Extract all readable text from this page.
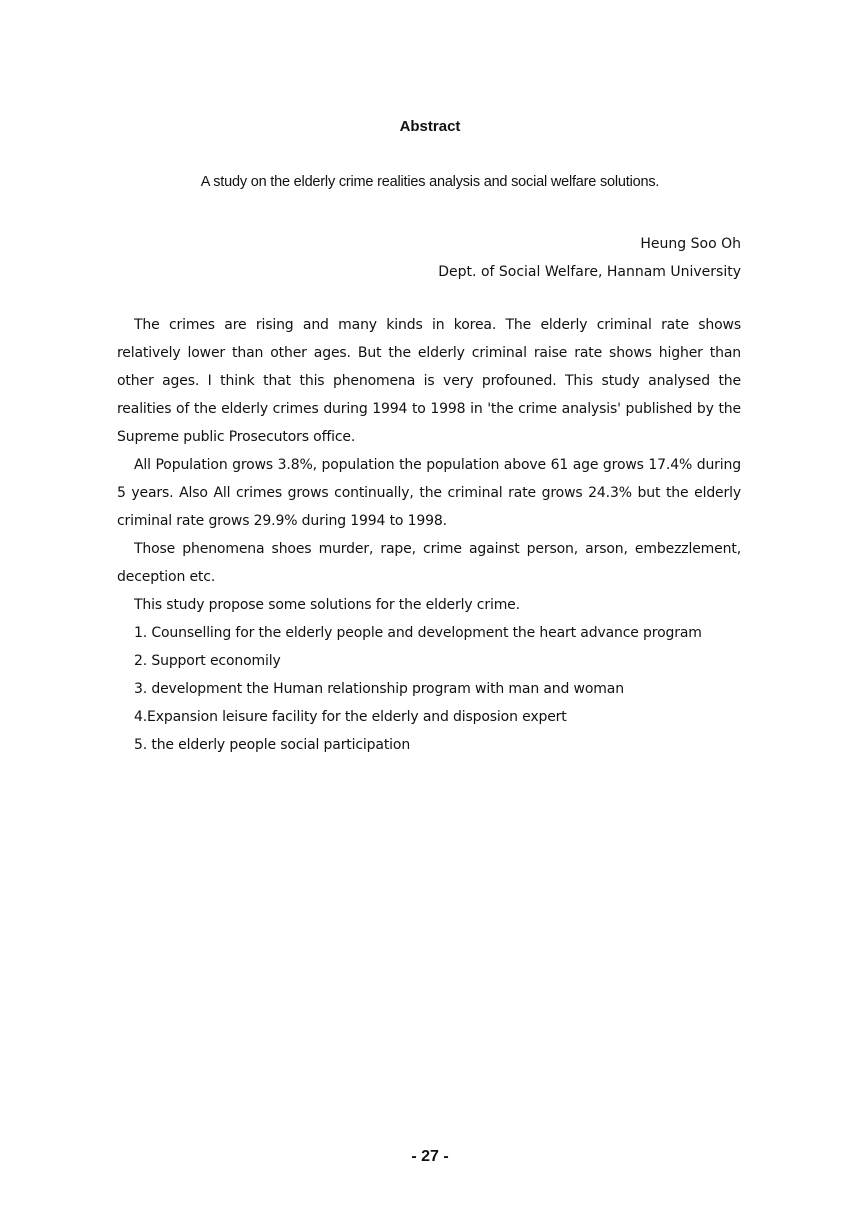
Abstract
A study on the elderly crime realities analysis and social welfare solutions.
Heung Soo Oh
Dept. of Social Welfare, Hannam University

The crimes are rising and many kinds in korea. The elderly criminal rate shows relatively lower than other ages. But the elderly criminal raise rate shows higher than other ages. I think that this phenomena is very profouned. This study analysed the realities of the elderly crimes during 1994 to 1998 in 'the crime analysis' published by the Supreme public Prosecutors office.

All Population grows 3.8%, population the population above 61 age grows 17.4% during 5 years. Also All crimes grows continually, the criminal rate grows 24.3% but the elderly criminal rate grows 29.9% during 1994 to 1998.

Those phenomena shoes murder, rape, crime against person, arson, embezzlement, deception etc.

This study propose some solutions for the elderly crime.

1. Counselling for the elderly people and development the heart advance program
2. Support economily
3. development the Human relationship program with man and woman
4.Expansion leisure facility for the elderly and disposion expert
5. the elderly people social participation
- 27 -
